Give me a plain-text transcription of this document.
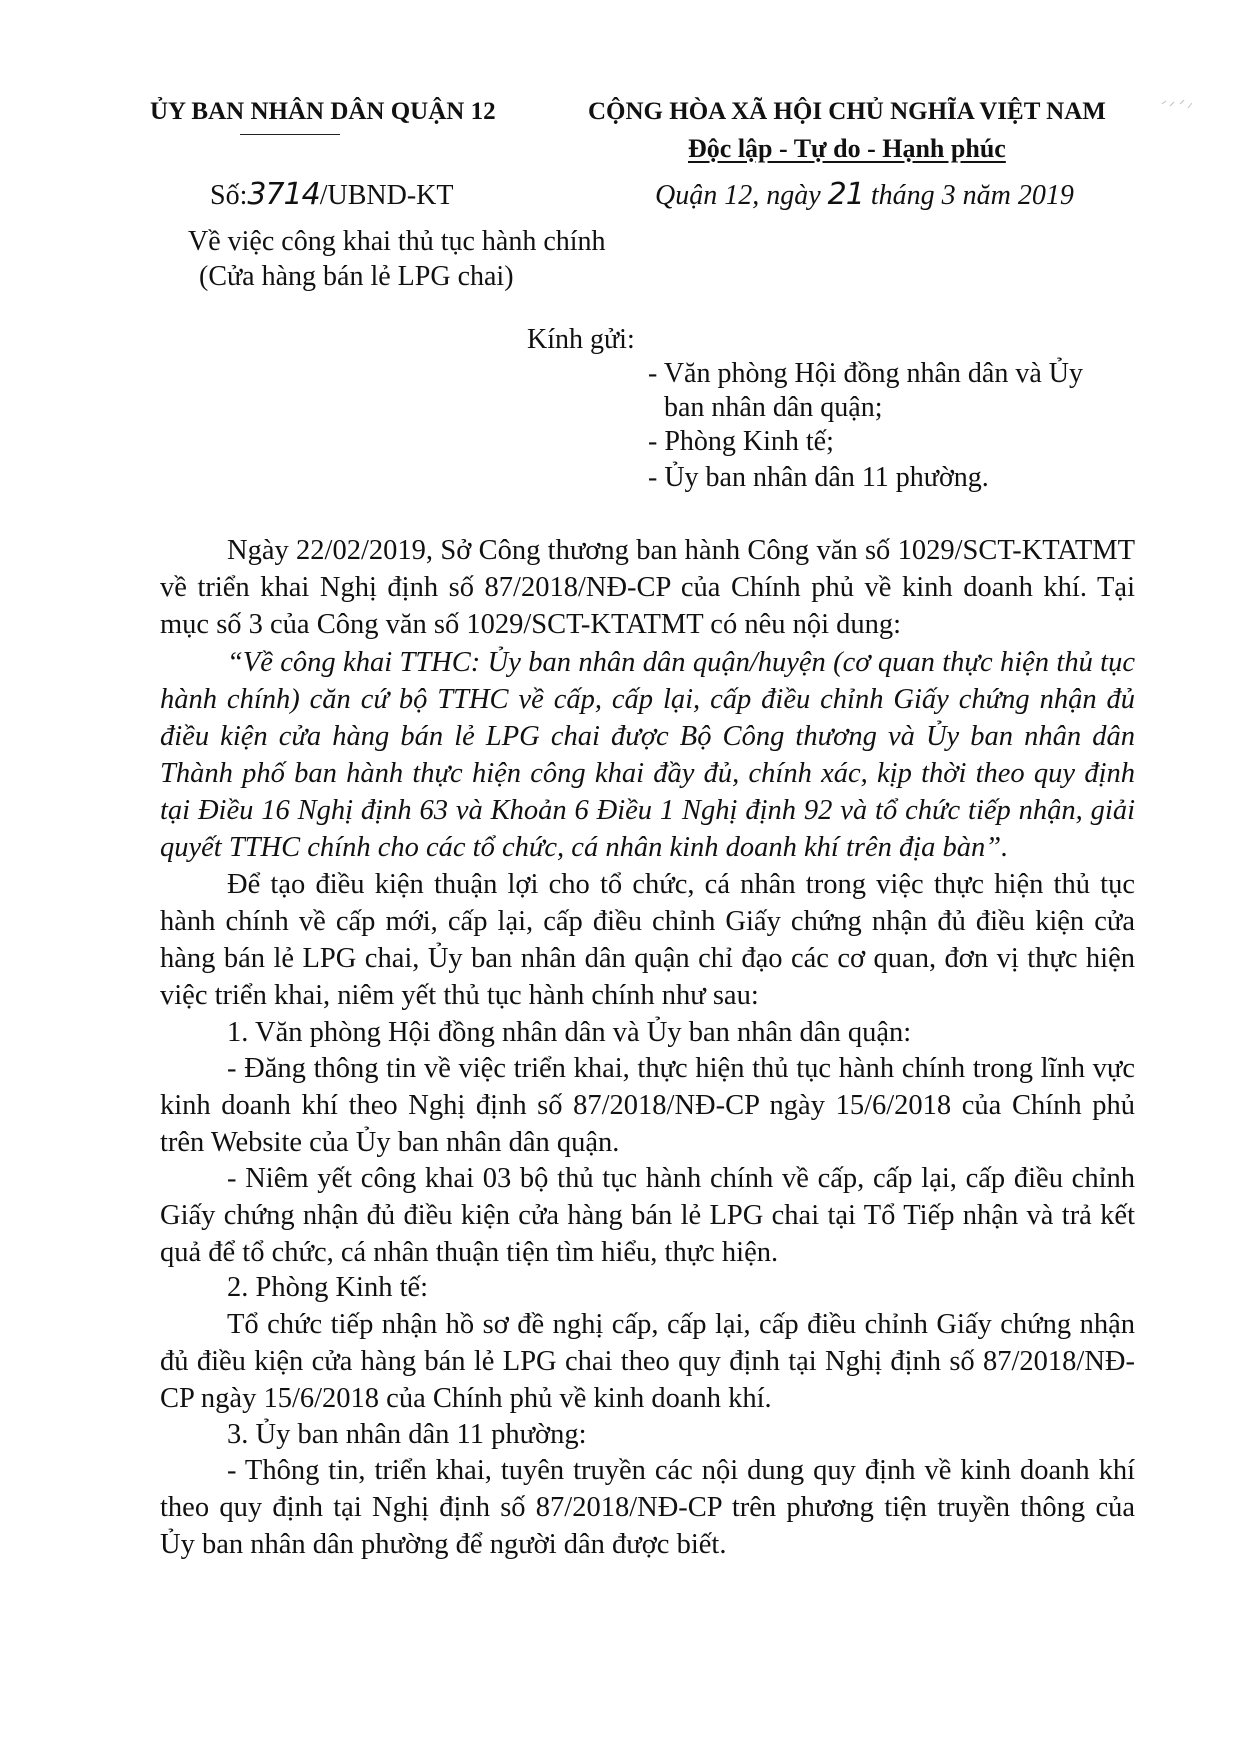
ỦY BAN NHÂN DÂN QUẬN 12
Số:3714/UBND-KT
Về việc công khai thủ tục hành chính
(Cửa hàng bán lẻ LPG chai)
CỘNG HÒA XÃ HỘI CHỦ NGHĨA VIỆT NAM
Độc lập - Tự do - Hạnh phúc
Quận 12, ngày 21 tháng 3 năm 2019
Kính gửi:
- Văn phòng Hội đồng nhân dân và Ủy
ban nhân dân quận;
- Phòng Kinh tế;
- Ủy ban nhân dân 11 phường.
Ngày 22/02/2019, Sở Công thương ban hành Công văn số 1029/SCT-KTATMT về triển khai Nghị định số 87/2018/NĐ-CP của Chính phủ về kinh doanh khí. Tại mục số 3 của Công văn số 1029/SCT-KTATMT có nêu nội dung:
“Về công khai TTHC: Ủy ban nhân dân quận/huyện (cơ quan thực hiện thủ tục hành chính) căn cứ bộ TTHC về cấp, cấp lại, cấp điều chỉnh Giấy chứng nhận đủ điều kiện cửa hàng bán lẻ LPG chai được Bộ Công thương và Ủy ban nhân dân Thành phố ban hành thực hiện công khai đầy đủ, chính xác, kịp thời theo quy định tại Điều 16 Nghị định 63 và Khoản 6 Điều 1 Nghị định 92 và tổ chức tiếp nhận, giải quyết TTHC chính cho các tổ chức, cá nhân kinh doanh khí trên địa bàn”.
Để tạo điều kiện thuận lợi cho tổ chức, cá nhân trong việc thực hiện thủ tục hành chính về cấp mới, cấp lại, cấp điều chỉnh Giấy chứng nhận đủ điều kiện cửa hàng bán lẻ LPG chai, Ủy ban nhân dân quận chỉ đạo các cơ quan, đơn vị thực hiện việc triển khai, niêm yết thủ tục hành chính như sau:
1. Văn phòng Hội đồng nhân dân và Ủy ban nhân dân quận:
- Đăng thông tin về việc triển khai, thực hiện thủ tục hành chính trong lĩnh vực kinh doanh khí theo Nghị định số 87/2018/NĐ-CP ngày 15/6/2018 của Chính phủ trên Website của Ủy ban nhân dân quận.
- Niêm yết công khai 03 bộ thủ tục hành chính về cấp, cấp lại, cấp điều chỉnh Giấy chứng nhận đủ điều kiện cửa hàng bán lẻ LPG chai tại Tổ Tiếp nhận và trả kết quả để tổ chức, cá nhân thuận tiện tìm hiểu, thực hiện.
2. Phòng Kinh tế:
Tổ chức tiếp nhận hồ sơ đề nghị cấp, cấp lại, cấp điều chỉnh Giấy chứng nhận đủ điều kiện cửa hàng bán lẻ LPG chai theo quy định tại Nghị định số 87/2018/NĐ-CP ngày 15/6/2018 của Chính phủ về kinh doanh khí.
3. Ủy ban nhân dân 11 phường:
- Thông tin, triển khai, tuyên truyền các nội dung quy định về kinh doanh khí theo quy định tại Nghị định số 87/2018/NĐ-CP trên phương tiện truyền thông của Ủy ban nhân dân phường để người dân được biết.
